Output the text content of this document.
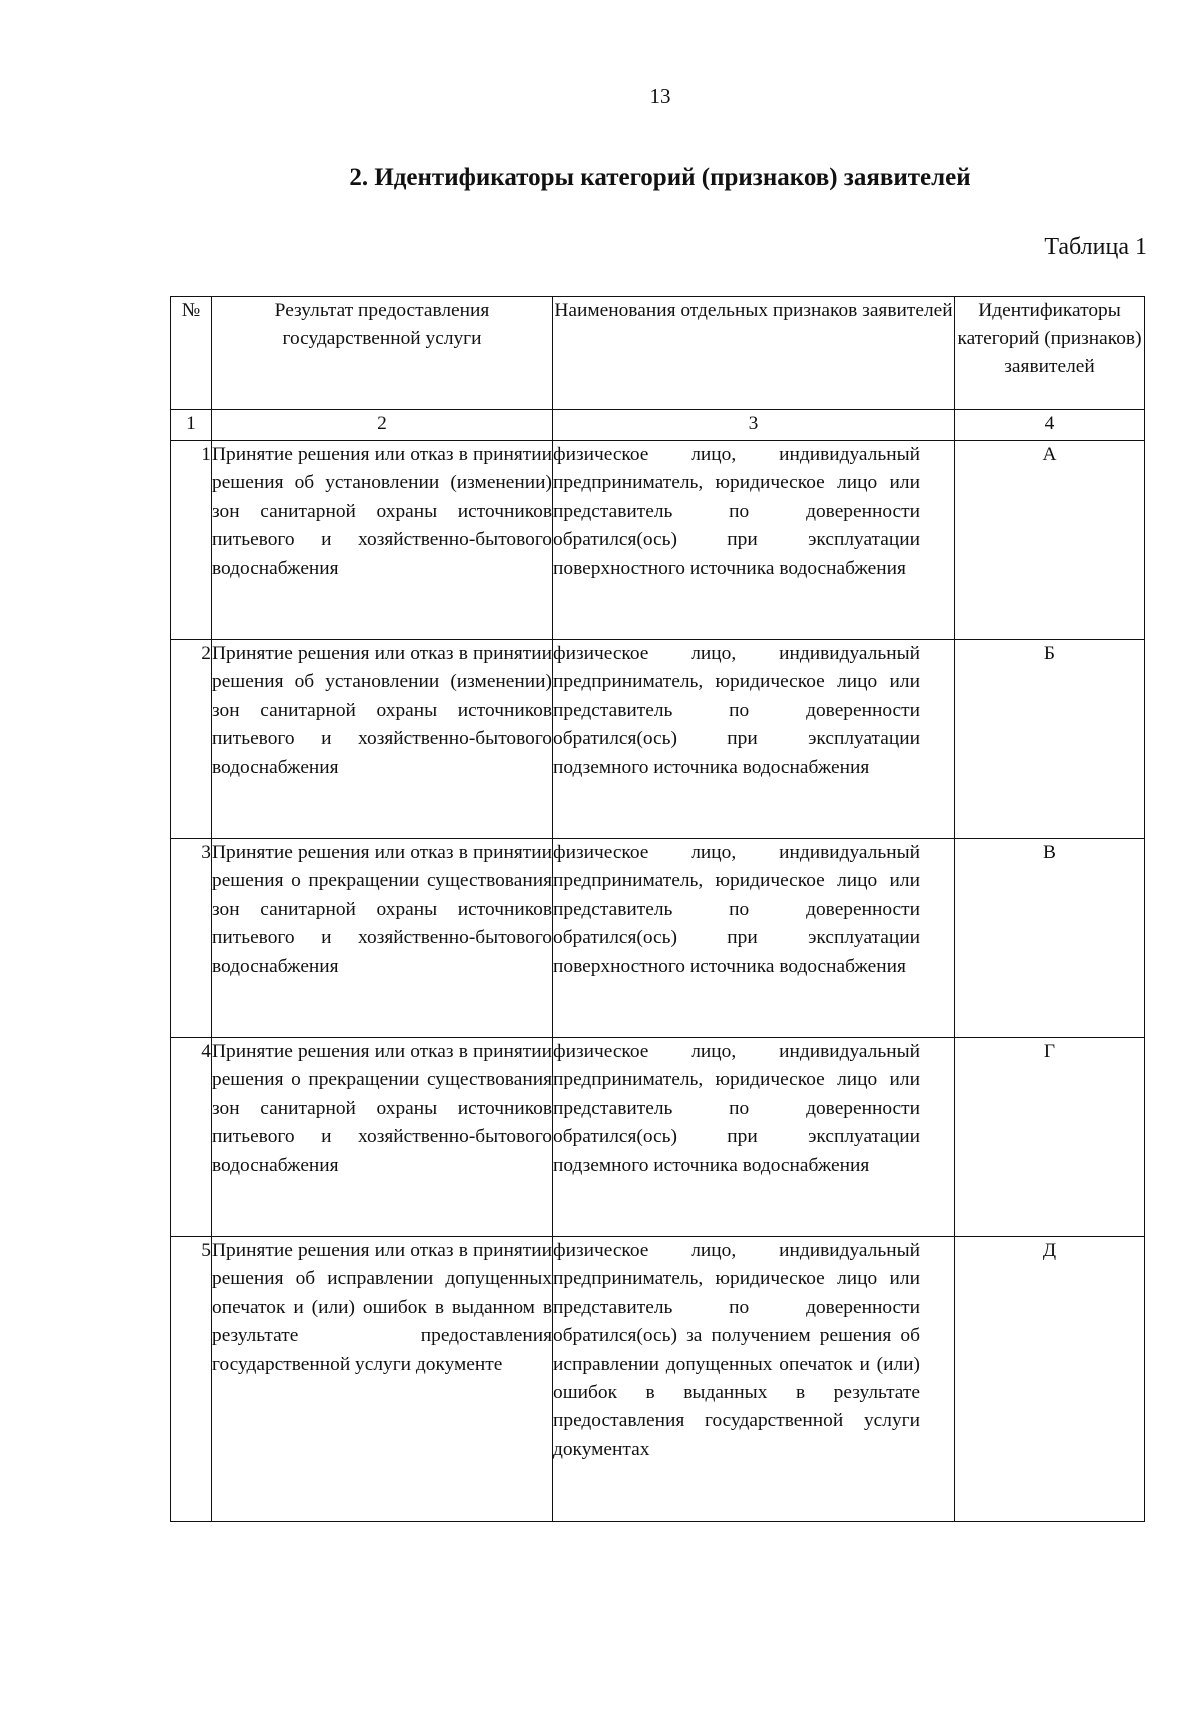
13
2. Идентификаторы категорий (признаков) заявителей
Таблица 1
№	Результат предоставления государственной услуги	Наименования отдельных признаков заявителей	Идентификаторы категорий (признаков) заявителей
1	2	3	4
1	Принятие решения или отказ в принятии решения об установлении (изменении) зон санитарной охраны источников питьевого и хозяйственно-бытового водоснабжения	физическое лицо, индивидуальный предприниматель, юридическое лицо или представитель по доверенности обратился(ось) при эксплуатации поверхностного источника водоснабжения	А
2	Принятие решения или отказ в принятии решения об установлении (изменении) зон санитарной охраны источников питьевого и хозяйственно-бытового водоснабжения	физическое лицо, индивидуальный предприниматель, юридическое лицо или представитель по доверенности обратился(ось) при эксплуатации подземного источника водоснабжения	Б
3	Принятие решения или отказ в принятии решения о прекращении существования зон санитарной охраны источников питьевого и хозяйственно-бытового водоснабжения	физическое лицо, индивидуальный предприниматель, юридическое лицо или представитель по доверенности обратился(ось) при эксплуатации поверхностного источника водоснабжения	В
4	Принятие решения или отказ в принятии решения о прекращении существования зон санитарной охраны источников питьевого и хозяйственно-бытового водоснабжения	физическое лицо, индивидуальный предприниматель, юридическое лицо или представитель по доверенности обратился(ось) при эксплуатации подземного источника водоснабжения	Г
5	Принятие решения или отказ в принятии решения об исправлении допущенных опечаток и (или) ошибок в выданном в результате предоставления государственной услуги документе	физическое лицо, индивидуальный предприниматель, юридическое лицо или представитель по доверенности обратился(ось) за получением решения об исправлении допущенных опечаток и (или) ошибок в выданных в результате предоставления государственной услуги документах	Д
